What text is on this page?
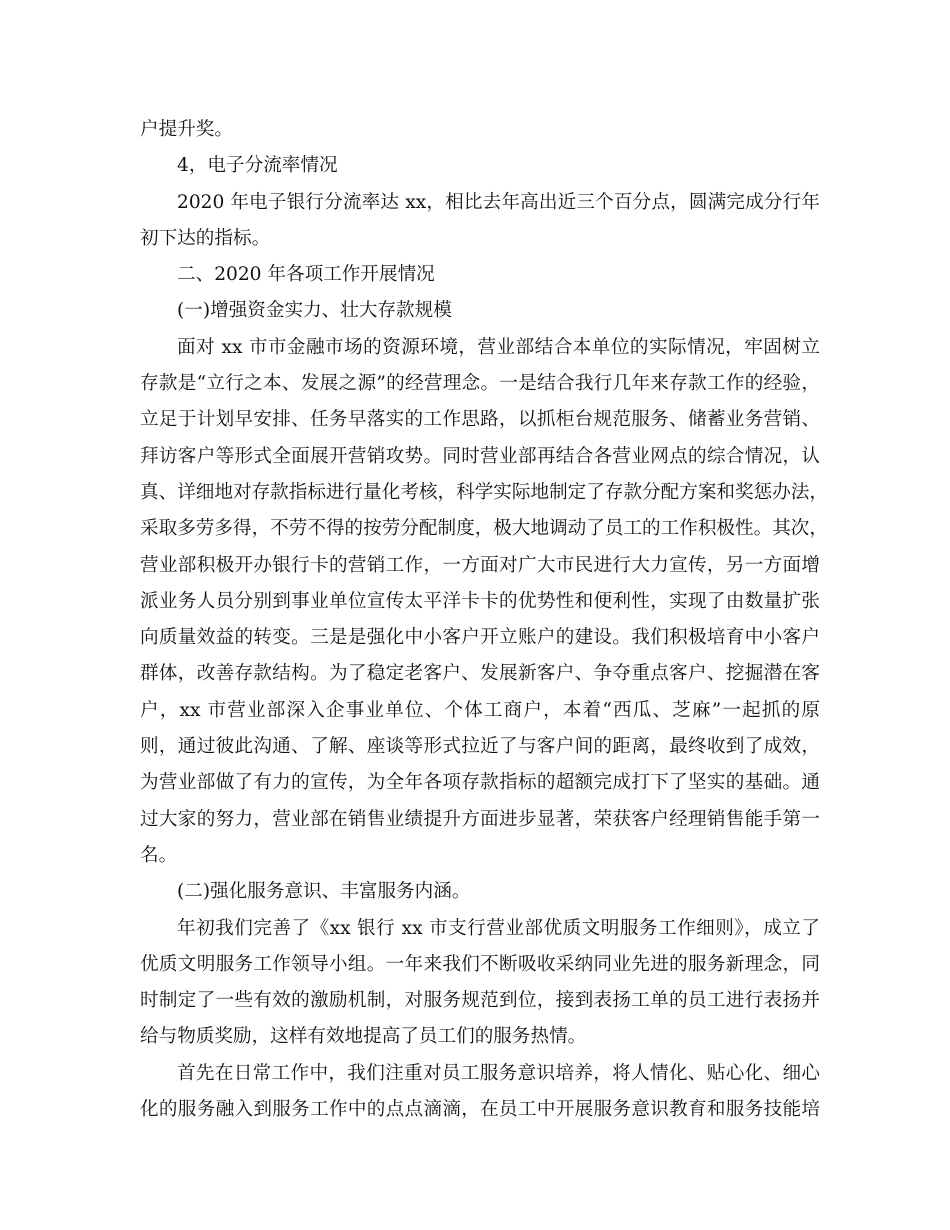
户提升奖。
4，电子分流率情况
2020 年电子银行分流率达 xx，相比去年高出近三个百分点，圆满完成分行年
初下达的指标。
二、2020 年各项工作开展情况
(一)增强资金实力、壮大存款规模
面对 xx 市市金融市场的资源环境，营业部结合本单位的实际情况，牢固树立
存款是“立行之本、发展之源”的经营理念。一是结合我行几年来存款工作的经验，
立足于计划早安排、任务早落实的工作思路，以抓柜台规范服务、储蓄业务营销、
拜访客户等形式全面展开营销攻势。同时营业部再结合各营业网点的综合情况，认
真、详细地对存款指标进行量化考核，科学实际地制定了存款分配方案和奖惩办法，
采取多劳多得，不劳不得的按劳分配制度，极大地调动了员工的工作积极性。其次，
营业部积极开办银行卡的营销工作，一方面对广大市民进行大力宣传，另一方面增
派业务人员分别到事业单位宣传太平洋卡卡的优势性和便利性，实现了由数量扩张
向质量效益的转变。三是是强化中小客户开立账户的建设。我们积极培育中小客户
群体，改善存款结构。为了稳定老客户、发展新客户、争夺重点客户、挖掘潜在客
户，xx 市营业部深入企事业单位、个体工商户，本着“西瓜、芝麻”一起抓的原
则，通过彼此沟通、了解、座谈等形式拉近了与客户间的距离，最终收到了成效，
为营业部做了有力的宣传，为全年各项存款指标的超额完成打下了坚实的基础。通
过大家的努力，营业部在销售业绩提升方面进步显著，荣获客户经理销售能手第一
名。
(二)强化服务意识、丰富服务内涵。
年初我们完善了《xx 银行 xx 市支行营业部优质文明服务工作细则》，成立了
优质文明服务工作领导小组。一年来我们不断吸收采纳同业先进的服务新理念，同
时制定了一些有效的激励机制，对服务规范到位，接到表扬工单的员工进行表扬并
给与物质奖励，这样有效地提高了员工们的服务热情。
首先在日常工作中，我们注重对员工服务意识培养，将人情化、贴心化、细心
化的服务融入到服务工作中的点点滴滴，在员工中开展服务意识教育和服务技能培
